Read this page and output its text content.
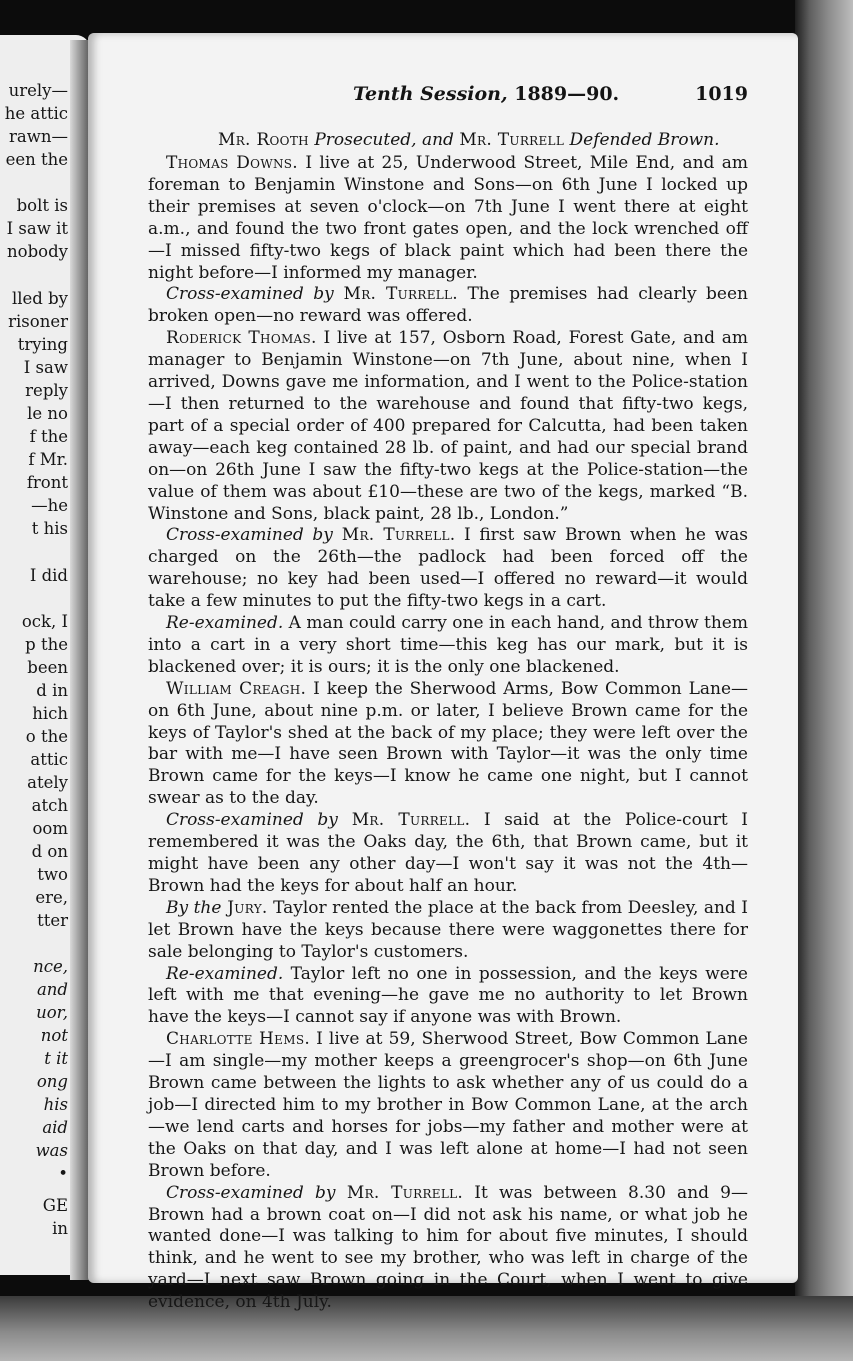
urely—
he attic
rawn—
een the
bolt is
I saw it
nobody
lled by
risoner
trying
I saw
reply
le no
f the
f Mr.
front
—he
t his
I did
ock, I
p the
been
d in
hich
o the
attic
ately
atch
oom
d on
two
ere,
tter
nce,
and
uor,
not
t it
ong
his
aid
was
•
GE
in
Tenth Session, 1889—90.	1019
Mr. Rooth Prosecuted, and Mr. Turrell Defended Brown.

Thomas Downs. I live at 25, Underwood Street, Mile End, and am foreman to Benjamin Winstone and Sons—on 6th June I locked up their premises at seven o'clock—on 7th June I went there at eight a.m., and found the two front gates open, and the lock wrenched off—I missed fifty-two kegs of black paint which had been there the night before—I informed my manager.

Cross-examined by Mr. Turrell. The premises had clearly been broken open—no reward was offered.

Roderick Thomas. I live at 157, Osborn Road, Forest Gate, and am manager to Benjamin Winstone—on 7th June, about nine, when I arrived, Downs gave me information, and I went to the Police-station—I then returned to the warehouse and found that fifty-two kegs, part of a special order of 400 prepared for Calcutta, had been taken away—each keg contained 28 lb. of paint, and had our special brand on—on 26th June I saw the fifty-two kegs at the Police-station—the value of them was about £10—these are two of the kegs, marked “B. Winstone and Sons, black paint, 28 lb., London.”

Cross-examined by Mr. Turrell. I first saw Brown when he was charged on the 26th—the padlock had been forced off the warehouse; no key had been used—I offered no reward—it would take a few minutes to put the fifty-two kegs in a cart.

Re-examined. A man could carry one in each hand, and throw them into a cart in a very short time—this keg has our mark, but it is blackened over; it is ours; it is the only one blackened.

William Creagh. I keep the Sherwood Arms, Bow Common Lane—on 6th June, about nine p.m. or later, I believe Brown came for the keys of Taylor's shed at the back of my place; they were left over the bar with me—I have seen Brown with Taylor—it was the only time Brown came for the keys—I know he came one night, but I cannot swear as to the day.

Cross-examined by Mr. Turrell. I said at the Police-court I remembered it was the Oaks day, the 6th, that Brown came, but it might have been any other day—I won't say it was not the 4th—Brown had the keys for about half an hour.

By the Jury. Taylor rented the place at the back from Deesley, and I let Brown have the keys because there were waggonettes there for sale belonging to Taylor's customers.

Re-examined. Taylor left no one in possession, and the keys were left with me that evening—he gave me no authority to let Brown have the keys—I cannot say if anyone was with Brown.

Charlotte Hems. I live at 59, Sherwood Street, Bow Common Lane—I am single—my mother keeps a greengrocer's shop—on 6th June Brown came between the lights to ask whether any of us could do a job—I directed him to my brother in Bow Common Lane, at the arch—we lend carts and horses for jobs—my father and mother were at the Oaks on that day, and I was left alone at home—I had not seen Brown before.

Cross-examined by Mr. Turrell. It was between 8.30 and 9—Brown had a brown coat on—I did not ask his name, or what job he wanted done—I was talking to him for about five minutes, I should think, and he went to see my brother, who was left in charge of the yard—I next saw Brown going in the Court, when I went to give evidence, on 4th July.
